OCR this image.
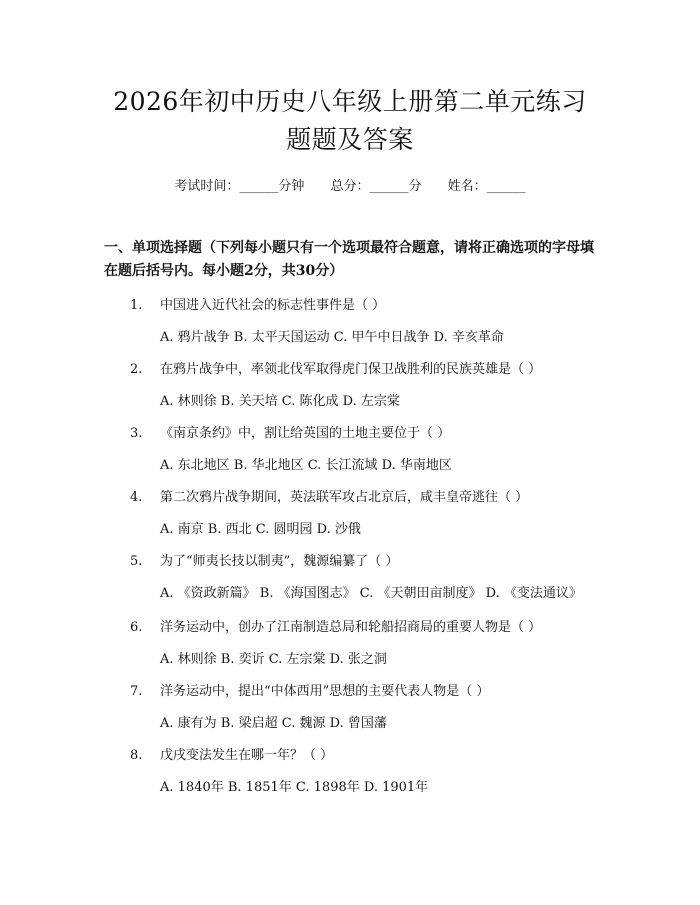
2026年初中历史八年级上册第二单元练习题题及答案
考试时间：______分钟 总分：______分 姓名：______
一、单项选择题（下列每小题只有一个选项最符合题意，请将正确选项的字母填在题后括号内。每小题2分，共30分）
1.	中国进入近代社会的标志性事件是（ ）
A. 鸦片战争 B. 太平天国运动 C. 甲午中日战争 D. 辛亥革命
2.	在鸦片战争中，率领北伐军取得虎门保卫战胜利的民族英雄是（ ）
A. 林则徐 B. 关天培 C. 陈化成 D. 左宗棠
3.	《南京条约》中，割让给英国的土地主要位于（ ）
A. 东北地区 B. 华北地区 C. 长江流域 D. 华南地区
4.	第二次鸦片战争期间，英法联军攻占北京后，咸丰皇帝逃往（ ）
A. 南京 B. 西北 C. 圆明园 D. 沙俄
5.	为了“师夷长技以制夷”，魏源编纂了（ ）
A. 《资政新篇》 B. 《海国图志》 C. 《天朝田亩制度》 D. 《变法通议》
6.	洋务运动中，创办了江南制造总局和轮船招商局的重要人物是（ ）
A. 林则徐 B. 奕䜣 C. 左宗棠 D. 张之洞
7.	洋务运动中，提出“中体西用”思想的主要代表人物是（ ）
A. 康有为 B. 梁启超 C. 魏源 D. 曾国藩
8.	戊戌变法发生在哪一年？（ ）
A. 1840年 B. 1851年 C. 1898年 D. 1901年
